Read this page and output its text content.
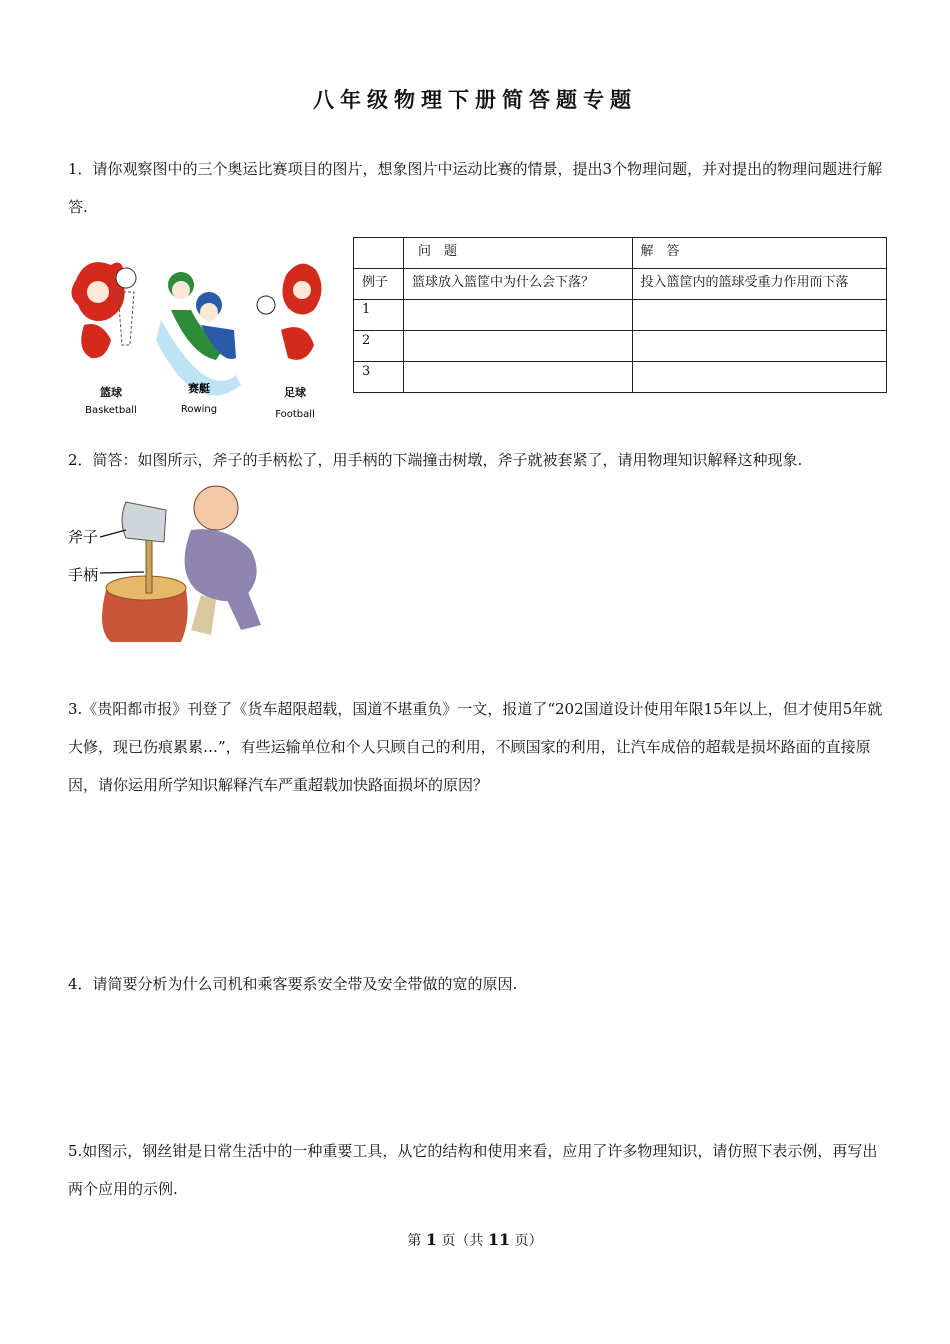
八年级物理下册简答题专题
1．请你观察图中的三个奥运比赛项目的图片，想象图片中运动比赛的情景，提出3个物理问题，并对提出的物理问题进行解答.
篮球
Basketball
赛艇
Rowing
足球
Football
	问　题	解　答
例子	篮球放入篮筐中为什么会下落？	投入篮筐内的篮球受重力作用而下落
1		
2		
3		
2．简答：如图所示，斧子的手柄松了，用手柄的下端撞击树墩，斧子就被套紧了，请用物理知识解释这种现象.
斧子
手柄
3.《贵阳都市报》刊登了《货车超限超载，国道不堪重负》一文，报道了“202国道设计使用年限15年以上，但才使用5年就大修，现已伤痕累累…”，有些运输单位和个人只顾自己的利用，不顾国家的利用，让汽车成倍的超载是损坏路面的直接原因，请你运用所学知识解释汽车严重超载加快路面损坏的原因？
4．请简要分析为什么司机和乘客要系安全带及安全带做的宽的原因.
5.如图示，钢丝钳是日常生活中的一种重要工具，从它的结构和使用来看，应用了许多物理知识，请仿照下表示例，再写出两个应用的示例.
第 1 页（共 11 页）
